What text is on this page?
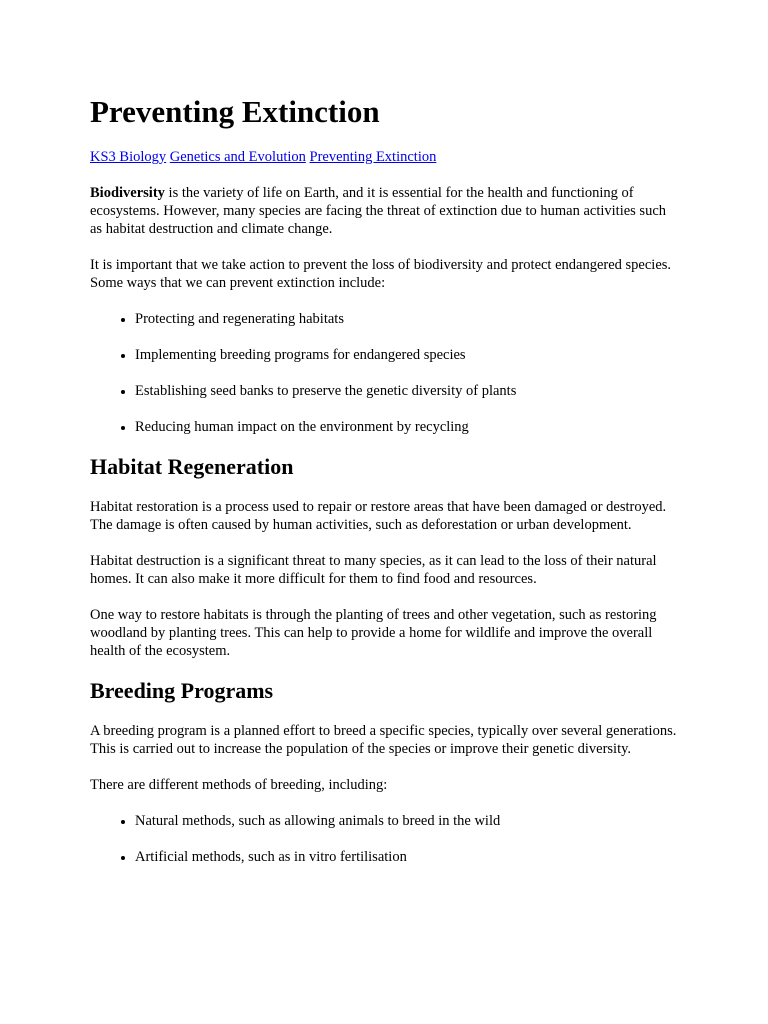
Preventing Extinction
KS3 Biology Genetics and Evolution Preventing Extinction

Biodiversity is the variety of life on Earth, and it is essential for the health and functioning of ecosystems. However, many species are facing the threat of extinction due to human activities such as habitat destruction and climate change.

It is important that we take action to prevent the loss of biodiversity and protect endangered species. Some ways that we can prevent extinction include:

• Protecting and regenerating habitats
• Implementing breeding programs for endangered species
• Establishing seed banks to preserve the genetic diversity of plants
• Reducing human impact on the environment by recycling
Habitat Regeneration

Habitat restoration is a process used to repair or restore areas that have been damaged or destroyed. The damage is often caused by human activities, such as deforestation or urban development.

Habitat destruction is a significant threat to many species, as it can lead to the loss of their natural homes. It can also make it more difficult for them to find food and resources.

One way to restore habitats is through the planting of trees and other vegetation, such as restoring woodland by planting trees. This can help to provide a home for wildlife and improve the overall health of the ecosystem.

Breeding Programs

A breeding program is a planned effort to breed a specific species, typically over several generations. This is carried out to increase the population of the species or improve their genetic diversity.

There are different methods of breeding, including:

• Natural methods, such as allowing animals to breed in the wild
• Artificial methods, such as in vitro fertilisation
